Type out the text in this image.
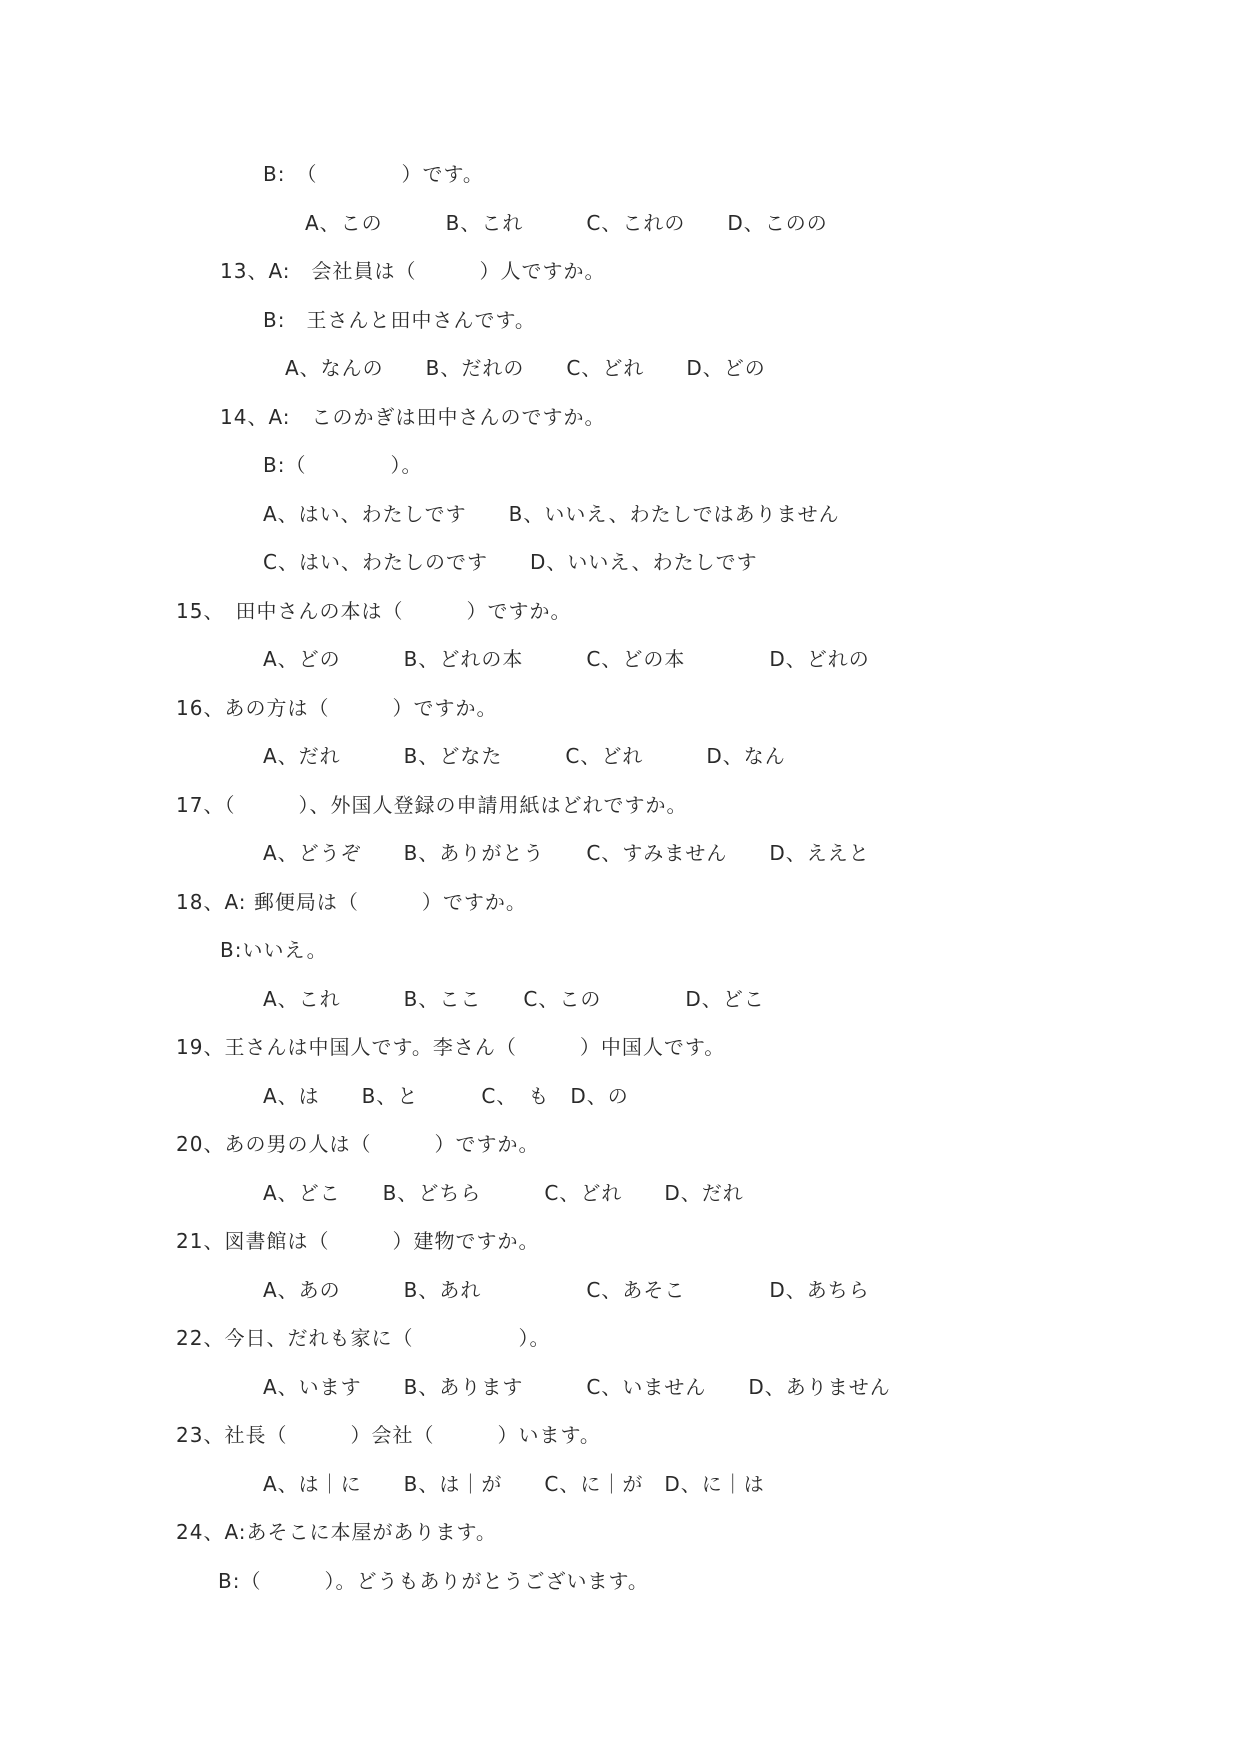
B:　（　　　　）です。
A、この　　　B、これ　　　C、これの　　D、このの
13、A:　会社員は（　　　）人ですか。
B:　王さんと田中さんです。
A、なんの　　B、だれの　　C、どれ　　D、どの
14、A:　このかぎは田中さんのですか。
B:（　　　　）。
A、はい、わたしです　　B、いいえ、わたしではありません
C、はい、わたしのです　　D、いいえ、わたしです
15、　田中さんの本は（　　　）ですか。
A、どの　　　B、どれの本　　　C、どの本　　　　D、どれの
16、あの方は（　　　）ですか。
A、だれ　　　B、どなた　　　C、どれ　　　D、なん
17、（　　　）、外国人登録の申請用紙はどれですか。
A、どうぞ　　B、ありがとう　　C、すみません　　D、ええと
18、A: 郵便局は（　　　）ですか。
B:いいえ。
A、これ　　　B、ここ　　C、この　　　　D、どこ
19、王さんは中国人です。李さん（　　　）中国人です。
A、は　　B、と　　　C、　も　D、の
20、あの男の人は（　　　）ですか。
A、どこ　　B、どちら　　　C、どれ　　D、だれ
21、図書館は（　　　）建物ですか。
A、あの　　　B、あれ　　　　　C、あそこ　　　　D、あちら
22、今日、だれも家に（　　　　　）。
A、います　　B、あります　　　C、いません　　D、ありません
23、社長（　　　）会社（　　　）います。
A、は｜に　　B、は｜が　　C、に｜が　D、に｜は
24、A:あそこに本屋があります。
B:（　　　）。どうもありがとうございます。
